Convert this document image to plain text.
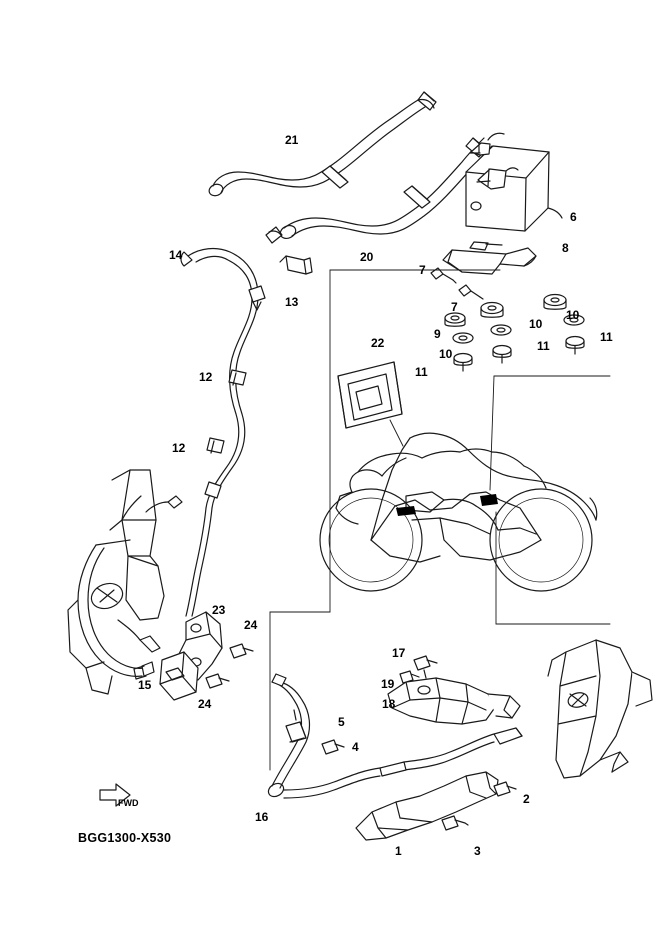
21
6
8
20
14
7
7
13
10
9
10
11
10
11
11
22
12
12
23
24
15
24
17
19
18
5
4
2
16
1	3
FWD
BGG1300-X530
